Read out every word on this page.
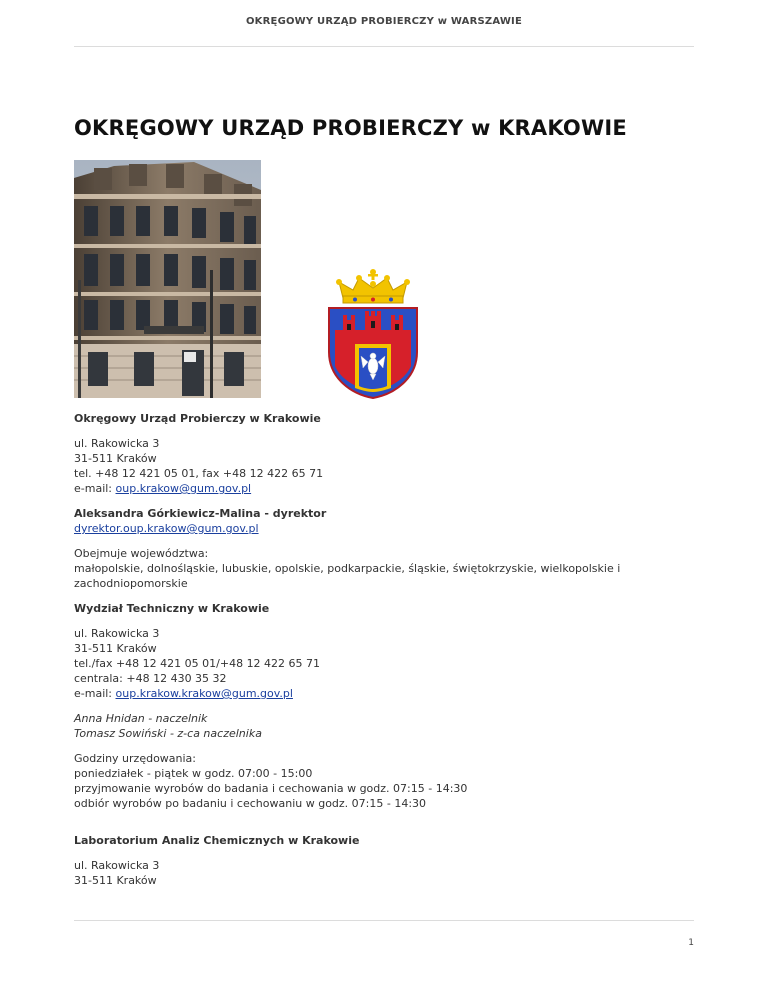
OKRĘGOWY URZĄD PROBIERCZY w WARSZAWIE
OKRĘGOWY URZĄD PROBIERCZY w KRAKOWIE

Okręgowy Urząd Probierczy w Krakowie

ul. Rakowicka 3
31-511 Kraków
tel. +48 12 421 05 01, fax +48 12 422 65 71
e-mail: oup.krakow@gum.gov.pl

Aleksandra Górkiewicz-Malina - dyrektor
dyrektor.oup.krakow@gum.gov.pl

Obejmuje województwa:
małopolskie, dolnośląskie, lubuskie, opolskie, podkarpackie, śląskie, świętokrzyskie, wielkopolskie i zachodniopomorskie

Wydział Techniczny w Krakowie

ul. Rakowicka 3
31-511 Kraków
tel./fax +48 12 421 05 01/+48 12 422 65 71
centrala: +48 12 430 35 32
e-mail: oup.krakow.krakow@gum.gov.pl

Anna Hnidan - naczelnik
Tomasz Sowiński - z-ca naczelnika

Godziny urzędowania:
poniedziałek - piątek w godz. 07:00 - 15:00
przyjmowanie wyrobów do badania i cechowania w godz. 07:15 - 14:30
odbiór wyrobów po badaniu i cechowaniu w godz. 07:15 - 14:30

Laboratorium Analiz Chemicznych w Krakowie

ul. Rakowicka 3
31-511 Kraków

1
